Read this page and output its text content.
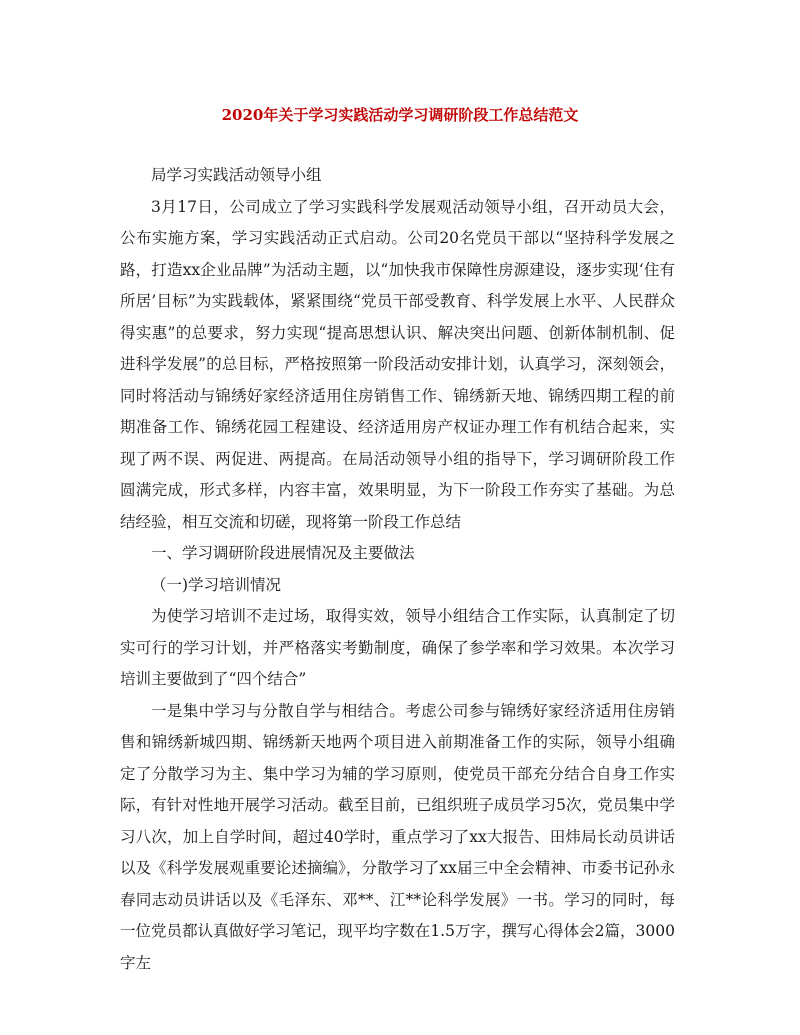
2020年关于学习实践活动学习调研阶段工作总结范文

局学习实践活动领导小组

3月17日，公司成立了学习实践科学发展观活动领导小组，召开动员大会，公布实施方案，学习实践活动正式启动。公司20名党员干部以“坚持科学发展之路，打造xx企业品牌”为活动主题，以“加快我市保障性房源建设，逐步实现‘住有所居’目标”为实践载体，紧紧围绕“党员干部受教育、科学发展上水平、人民群众得实惠”的总要求，努力实现“提高思想认识、解决突出问题、创新体制机制、促进科学发展”的总目标，严格按照第一阶段活动安排计划，认真学习，深刻领会，同时将活动与锦绣好家经济适用住房销售工作、锦绣新天地、锦绣四期工程的前期准备工作、锦绣花园工程建设、经济适用房产权证办理工作有机结合起来，实现了两不误、两促进、两提高。在局活动领导小组的指导下，学习调研阶段工作圆满完成，形式多样，内容丰富，效果明显，为下一阶段工作夯实了基础。为总结经验，相互交流和切磋，现将第一阶段工作总结

一、学习调研阶段进展情况及主要做法

（一)学习培训情况

为使学习培训不走过场，取得实效，领导小组结合工作实际，认真制定了切实可行的学习计划，并严格落实考勤制度，确保了参学率和学习效果。本次学习培训主要做到了“四个结合”

一是集中学习与分散自学与相结合。考虑公司参与锦绣好家经济适用住房销售和锦绣新城四期、锦绣新天地两个项目进入前期准备工作的实际，领导小组确定了分散学习为主、集中学习为辅的学习原则，使党员干部充分结合自身工作实际，有针对性地开展学习活动。截至目前，已组织班子成员学习5次，党员集中学习八次，加上自学时间，超过40学时，重点学习了xx大报告、田炜局长动员讲话以及《科学发展观重要论述摘编》，分散学习了xx届三中全会精神、市委书记孙永春同志动员讲话以及《毛泽东、邓**、江**论科学发展》一书。学习的同时，每一位党员都认真做好学习笔记，现平均字数在1.5万字，撰写心得体会2篇，3000字左
